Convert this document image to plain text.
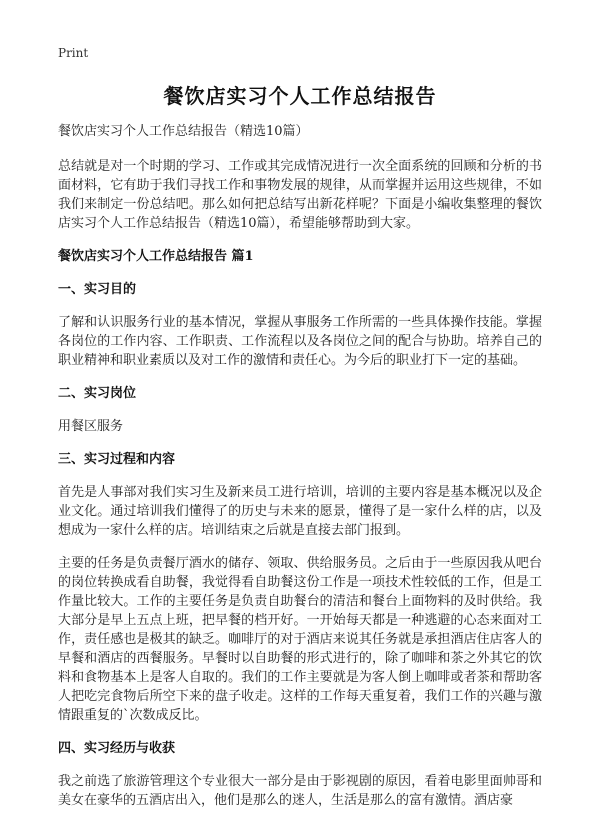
Print
餐饮店实习个人工作总结报告

餐饮店实习个人工作总结报告（精选10篇）

总结就是对一个时期的学习、工作或其完成情况进行一次全面系统的回顾和分析的书面材料，它有助于我们寻找工作和事物发展的规律，从而掌握并运用这些规律，不如我们来制定一份总结吧。那么如何把总结写出新花样呢？下面是小编收集整理的餐饮店实习个人工作总结报告（精选10篇），希望能够帮助到大家。

餐饮店实习个人工作总结报告 篇1
一、实习目的

了解和认识服务行业的基本情况，掌握从事服务工作所需的一些具体操作技能。掌握各岗位的工作内容、工作职责、工作流程以及各岗位之间的配合与协助。培养自己的职业精神和职业素质以及对工作的激情和责任心。为今后的职业打下一定的基础。

二、实习岗位

用餐区服务

三、实习过程和内容

首先是人事部对我们实习生及新来员工进行培训，培训的主要内容是基本概况以及企业文化。通过培训我们懂得了的历史与未来的愿景，懂得了是一家什么样的店，以及想成为一家什么样的店。培训结束之后就是直接去部门报到。

主要的任务是负责餐厅酒水的储存、领取、供给服务员。之后由于一些原因我从吧台的岗位转换成看自助餐，我觉得看自助餐这份工作是一项技术性较低的工作，但是工作量比较大。工作的主要任务是负责自助餐台的清洁和餐台上面物料的及时供给。我大部分是早上五点上班，把早餐的档开好。一开始每天都是一种逃避的心态来面对工作，责任感也是极其的缺乏。咖啡厅的对于酒店来说其任务就是承担酒店住店客人的早餐和酒店的西餐服务。早餐时以自助餐的形式进行的，除了咖啡和茶之外其它的饮料和食物基本上是客人自取的。我们的工作主要就是为客人倒上咖啡或者茶和帮助客人把吃完食物后所空下来的盘子收走。这样的工作每天重复着，我们工作的兴趣与激情跟重复的`次数成反比。

四、实习经历与收获

我之前选了旅游管理这个专业很大一部分是由于影视剧的原因，看着电影里面帅哥和美女在豪华的五酒店出入，他们是那么的迷人，生活是那么的富有激情。酒店豪
